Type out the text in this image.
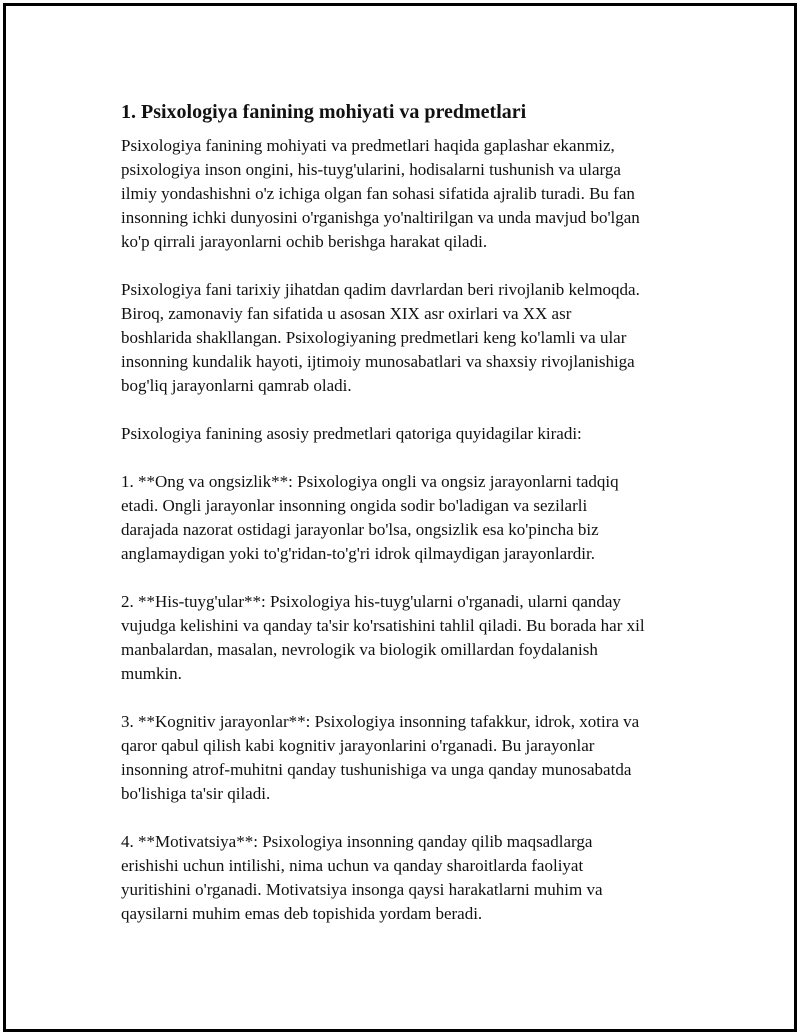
1. Psixologiya fanining mohiyati va predmetlari
Psixologiya fanining mohiyati va predmetlari haqida gaplashar ekanmiz,
psixologiya inson ongini, his-tuyg'ularini, hodisalarni tushunish va ularga
ilmiy yondashishni o'z ichiga olgan fan sohasi sifatida ajralib turadi. Bu fan
insonning ichki dunyosini o'rganishga yo'naltirilgan va unda mavjud bo'lgan
ko'p qirrali jarayonlarni ochib berishga harakat qiladi.
Psixologiya fani tarixiy jihatdan qadim davrlardan beri rivojlanib kelmoqda.
Biroq, zamonaviy fan sifatida u asosan XIX asr oxirlari va XX asr
boshlarida shakllangan. Psixologiyaning predmetlari keng ko'lamli va ular
insonning kundalik hayoti, ijtimoiy munosabatlari va shaxsiy rivojlanishiga
bog'liq jarayonlarni qamrab oladi.
Psixologiya fanining asosiy predmetlari qatoriga quyidagilar kiradi:
1. **Ong va ongsizlik**: Psixologiya ongli va ongsiz jarayonlarni tadqiq
etadi. Ongli jarayonlar insonning ongida sodir bo'ladigan va sezilarli
darajada nazorat ostidagi jarayonlar bo'lsa, ongsizlik esa ko'pincha biz
anglamaydigan yoki to'g'ridan-to'g'ri idrok qilmaydigan jarayonlardir.
2. **His-tuyg'ular**: Psixologiya his-tuyg'ularni o'rganadi, ularni qanday
vujudga kelishini va qanday ta'sir ko'rsatishini tahlil qiladi. Bu borada har xil
manbalardan, masalan, nevrologik va biologik omillardan foydalanish
mumkin.
3. **Kognitiv jarayonlar**: Psixologiya insonning tafakkur, idrok, xotira va
qaror qabul qilish kabi kognitiv jarayonlarini o'rganadi. Bu jarayonlar
insonning atrof-muhitni qanday tushunishiga va unga qanday munosabatda
bo'lishiga ta'sir qiladi.
4. **Motivatsiya**: Psixologiya insonning qanday qilib maqsadlarga
erishishi uchun intilishi, nima uchun va qanday sharoitlarda faoliyat
yuritishini o'rganadi. Motivatsiya insonga qaysi harakatlarni muhim va
qaysilarni muhim emas deb topishida yordam beradi.
